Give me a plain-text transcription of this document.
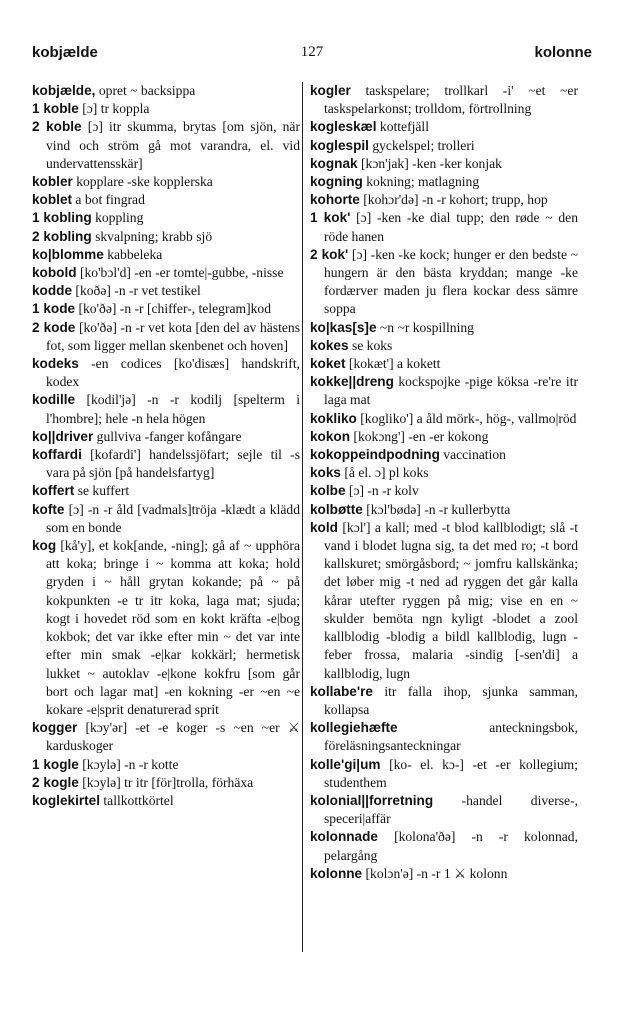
kobjælde	127	kolonne

kobjælde, opret ~ backsippa

1 koble [ɔ] tr koppla

2 koble [ɔ] itr skumma, brytas [om sjön, när vind och ström gå mot varandra, el. vid undervattensskär]

kobler kopplare -ske kopplerska

koblet a bot fingrad

1 kobling koppling

2 kobling skvalpning; krabb sjö

ko|blomme kabbeleka

kobold [ko'bɔl'd] -en -er tomte|-gubbe, -nisse

kodde [koðə] -n -r vet testikel

1 kode [ko'ðə] -n -r [chiffer-, telegram]kod

2 kode [ko'ðə] -n -r vet kota [den del av hästens fot, som ligger mellan skenbenet och hoven]

kodeks -en codices [ko'disæs] handskrift, kodex

kodille [kodil'jə] -n -r kodilj [spelterm i l'hombre]; hele -n hela högen

ko||driver gullviva -fanger kofångare

koffardi [kofardi'] handelssjöfart; sejle til -s vara på sjön [på handelsfartyg]

koffert se kuffert

kofte [ɔ] -n -r åld [vadmals]tröja -klædt a klädd som en bonde

kog [kå'y], et kok[ande, -ning]; gå af ~ upphöra att koka; bringe i ~ komma att koka; hold gryden i ~ håll grytan kokande; på ~ på kokpunkten -e tr itr koka, laga mat; sjuda; kogt i hovedet röd som en kokt kräfta -e|bog kokbok; det var ikke efter min ~ det var inte efter min smak -e|kar kokkärl; hermetisk lukket ~ autoklav -e|kone kokfru [som går bort och lagar mat] -en kokning -er ~en ~e kokare -e|sprit denaturerad sprit

kogger [kɔy'ər] -et -e koger -s ~en ~er ⚔ karduskoger

1 kogle [kɔylə] -n -r kotte

2 kogle [kɔylə] tr itr [för]trolla, förhäxa

koglekirtel tallkottkörtel

kogler taskspelare; trollkarl -i' ~et ~er taskspelarkonst; trolldom, förtrollning

kogleskæl kottefjäll

koglespil gyckelspel; trolleri

kognak [kɔn'jak] -ken -ker konjak

kogning kokning; matlagning

kohorte [kohɔr'də] -n -r kohort; trupp, hop

1 kok' [ɔ] -ken -ke dial tupp; den røde ~ den röde hanen

2 kok' [ɔ] -ken -ke kock; hunger er den bedste ~ hungern är den bästa kryddan; mange -ke fordærver maden ju flera kockar dess sämre soppa

ko|kas[s]e ~n ~r kospillning

kokes se koks

koket [kokæt'] a kokett

kokke||dreng kockspojke -pige köksa -re're itr laga mat

kokliko [kogliko'] a åld mörk-, hög-, vallmo|röd

kokon [kokɔng'] -en -er kokong

kokoppeindpodning vaccination

koks [å el. ɔ] pl koks

kolbe [ɔ] -n -r kolv

kolbøtte [kɔl'bødə] -n -r kullerbytta

kold [kɔl'] a kall; med -t blod kallblodigt; slå -t vand i blodet lugna sig, ta det med ro; -t bord kallskuret; smörgåsbord; ~ jomfru kallskänka; det løber mig -t ned ad ryggen det går kalla kårar utefter ryggen på mig; vise en en ~ skulder bemöta ngn kyligt -blodet a zool kallblodig -blodig a bildl kallblodig, lugn -feber frossa, malaria -sindig [-sen'di] a kallblodig, lugn

kollabe're itr falla ihop, sjunka samman, kollapsa

kollegiehæfte anteckningsbok, föreläsningsanteckningar

kolle'gi|um [ko- el. kɔ-] -et -er kollegium; studenthem

kolonial||forretning -handel diverse-, speceri|affär

kolonnade [kolona'ðə] -n -r kolonnad, pelargång

kolonne [kolɔn'ə] -n -r 1 ⚔ kolonn
